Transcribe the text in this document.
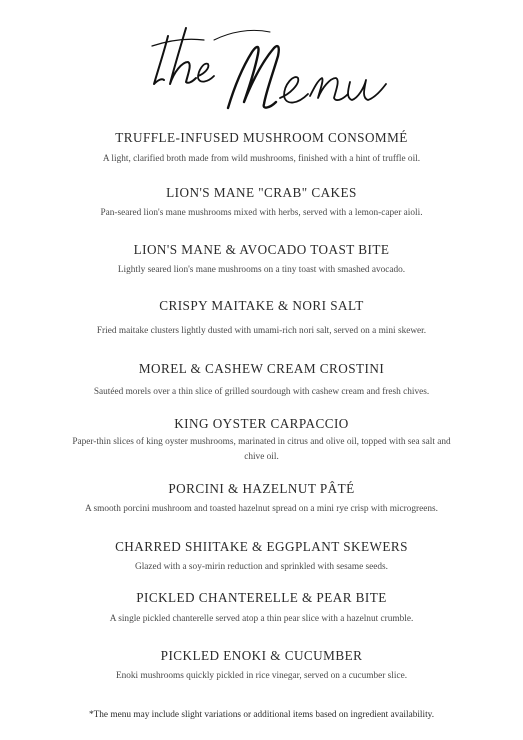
TRUFFLE-INFUSED MUSHROOM CONSOMMÉ
A light, clarified broth made from wild mushrooms, finished with a hint of truffle oil.
LION'S MANE "CRAB" CAKES
Pan-seared lion's mane mushrooms mixed with herbs, served with a lemon-caper aioli.
LION'S MANE & AVOCADO TOAST BITE
Lightly seared lion's mane mushrooms on a tiny toast with smashed avocado.
CRISPY MAITAKE & NORI SALT
Fried maitake clusters lightly dusted with umami-rich nori salt, served on a mini skewer.
MOREL & CASHEW CREAM CROSTINI
Sautéed morels over a thin slice of grilled sourdough with cashew cream and fresh chives.
KING OYSTER CARPACCIO
Paper-thin slices of king oyster mushrooms, marinated in citrus and olive oil, topped with sea salt and chive oil.
PORCINI & HAZELNUT PÂTÉ
A smooth porcini mushroom and toasted hazelnut spread on a mini rye crisp with microgreens.
CHARRED SHIITAKE & EGGPLANT SKEWERS
Glazed with a soy-mirin reduction and sprinkled with sesame seeds.
PICKLED CHANTERELLE & PEAR BITE
A single pickled chanterelle served atop a thin pear slice with a hazelnut crumble.
PICKLED ENOKI & CUCUMBER
Enoki mushrooms quickly pickled in rice vinegar, served on a cucumber slice.
*The menu may include slight variations or additional items based on ingredient availability.
